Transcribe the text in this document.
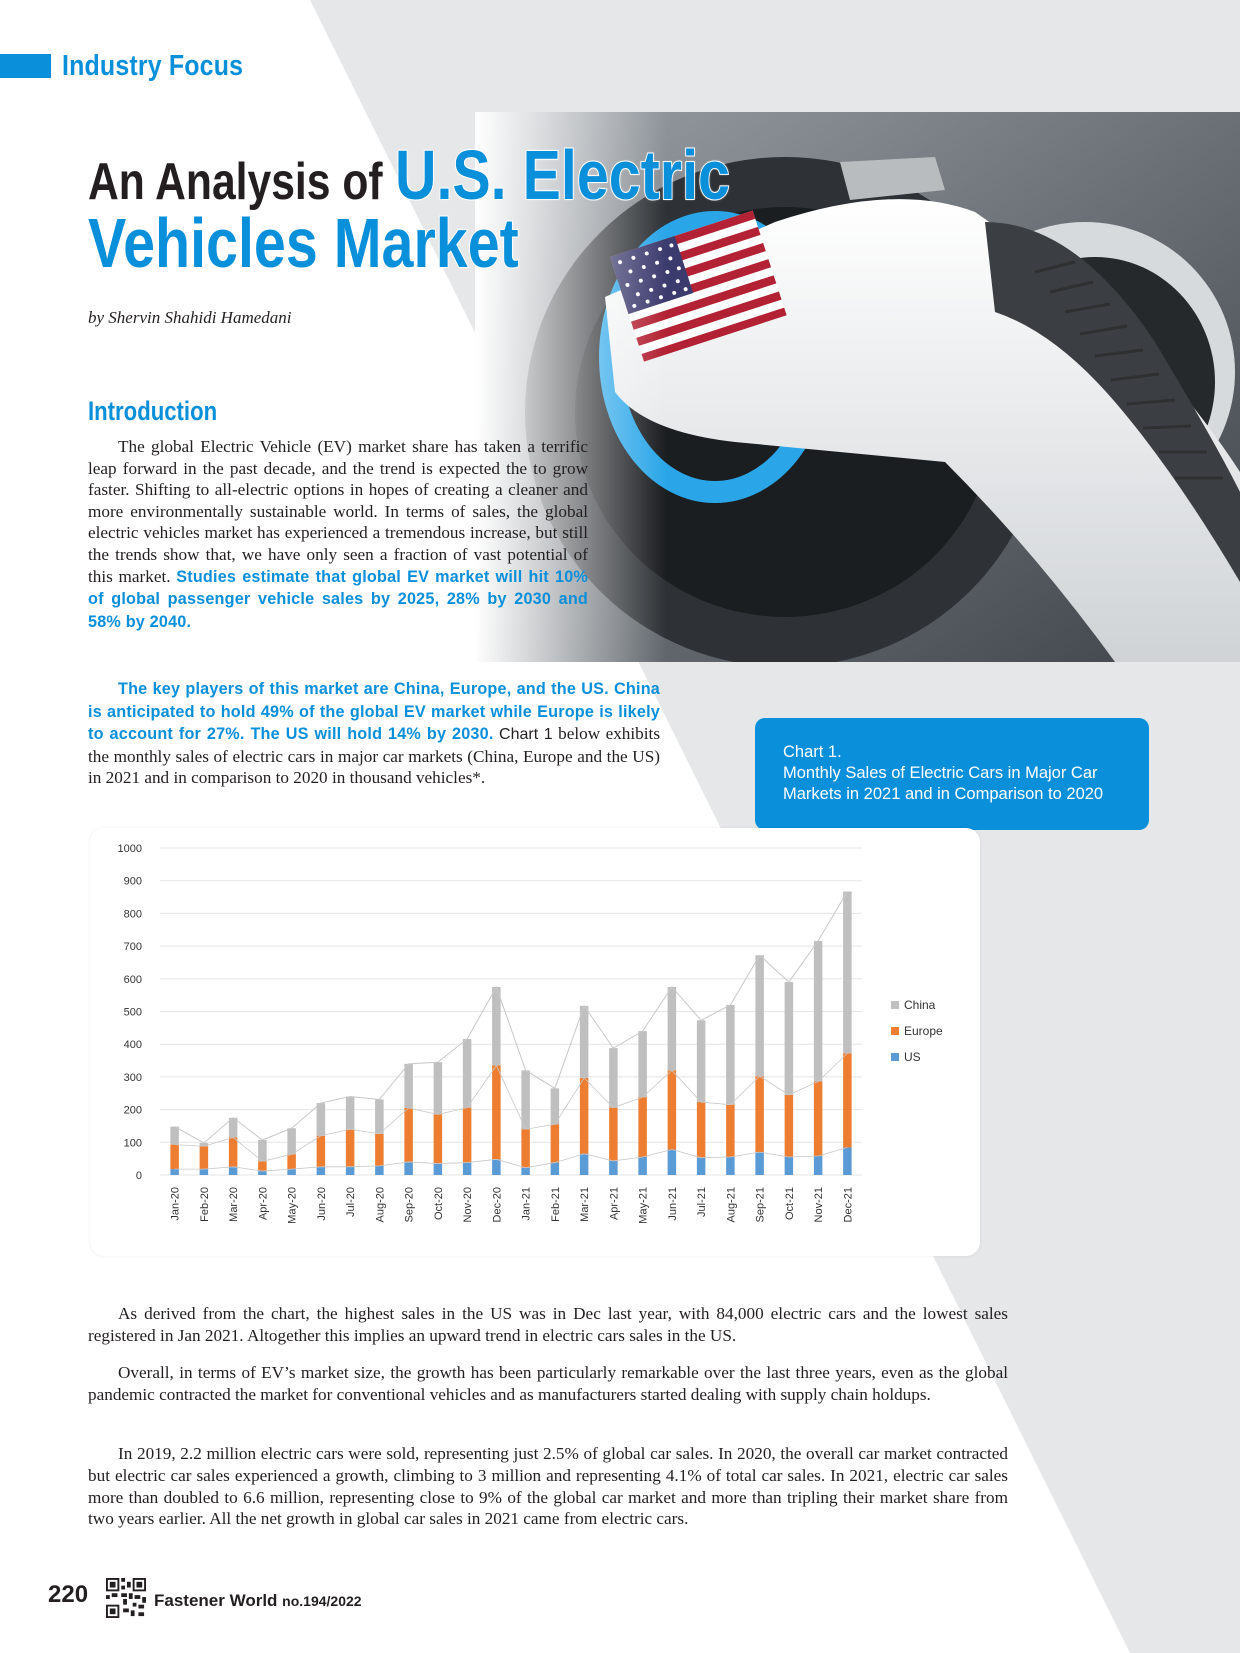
Industry Focus
An Analysis ofU.S. Electric
Vehicles Market
by Shervin Shahidi Hamedani
Introduction
The global Electric Vehicle (EV) market share has taken a terrific leap forward in the past decade, and the trend is expected the to grow faster. Shifting to all-electric options in hopes of creating a cleaner and more environmentally sustainable world. In terms of sales, the global electric vehicles market has experienced a tremendous increase, but still the trends show that, we have only seen a fraction of vast potential of this market. Studies estimate that global EV market will hit 10% of global passenger vehicle sales by 2025, 28% by 2030 and 58% by 2040.
The key players of this market are China, Europe, and the US. China is anticipated to hold 49% of the global EV market while Europe is likely to account for 27%. The US will hold 14% by 2030. Chart 1 below exhibits the monthly sales of electric cars in major car markets (China, Europe and the US) in 2021 and in comparison to 2020 in thousand vehicles*.
Chart 1.
Monthly Sales of Electric Cars in Major Car
Markets in 2021 and in Comparison to 2020
0
100
200
300
400
500
600
700
800
900
1000
Jan-20 Feb-20 Mar-20 Apr-20 May-20 Jun-20 Jul-20 Aug-20 Sep-20 Oct-20 Nov-20 Dec-20 Jan-21 Feb-21 Mar-21 Apr-21 May-21 Jun-21 Jul-21 Aug-21 Sep-21 Oct-21 Nov-21 Dec-21
China
Europe
US
As derived from the chart, the highest sales in the US was in Dec last year, with 84,000 electric cars and the lowest sales registered in Jan 2021. Altogether this implies an upward trend in electric cars sales in the US.
Overall, in terms of EV’s market size, the growth has been particularly remarkable over the last three years, even as the global pandemic contracted the market for conventional vehicles and as manufacturers started dealing with supply chain holdups.
In 2019, 2.2 million electric cars were sold, representing just 2.5% of global car sales. In 2020, the overall car market contracted but electric car sales experienced a growth, climbing to 3 million and representing 4.1% of total car sales. In 2021, electric car sales more than doubled to 6.6 million, representing close to 9% of the global car market and more than tripling their market share from two years earlier. All the net growth in global car sales in 2021 came from electric cars.
220	Fastener World no.194/2022
